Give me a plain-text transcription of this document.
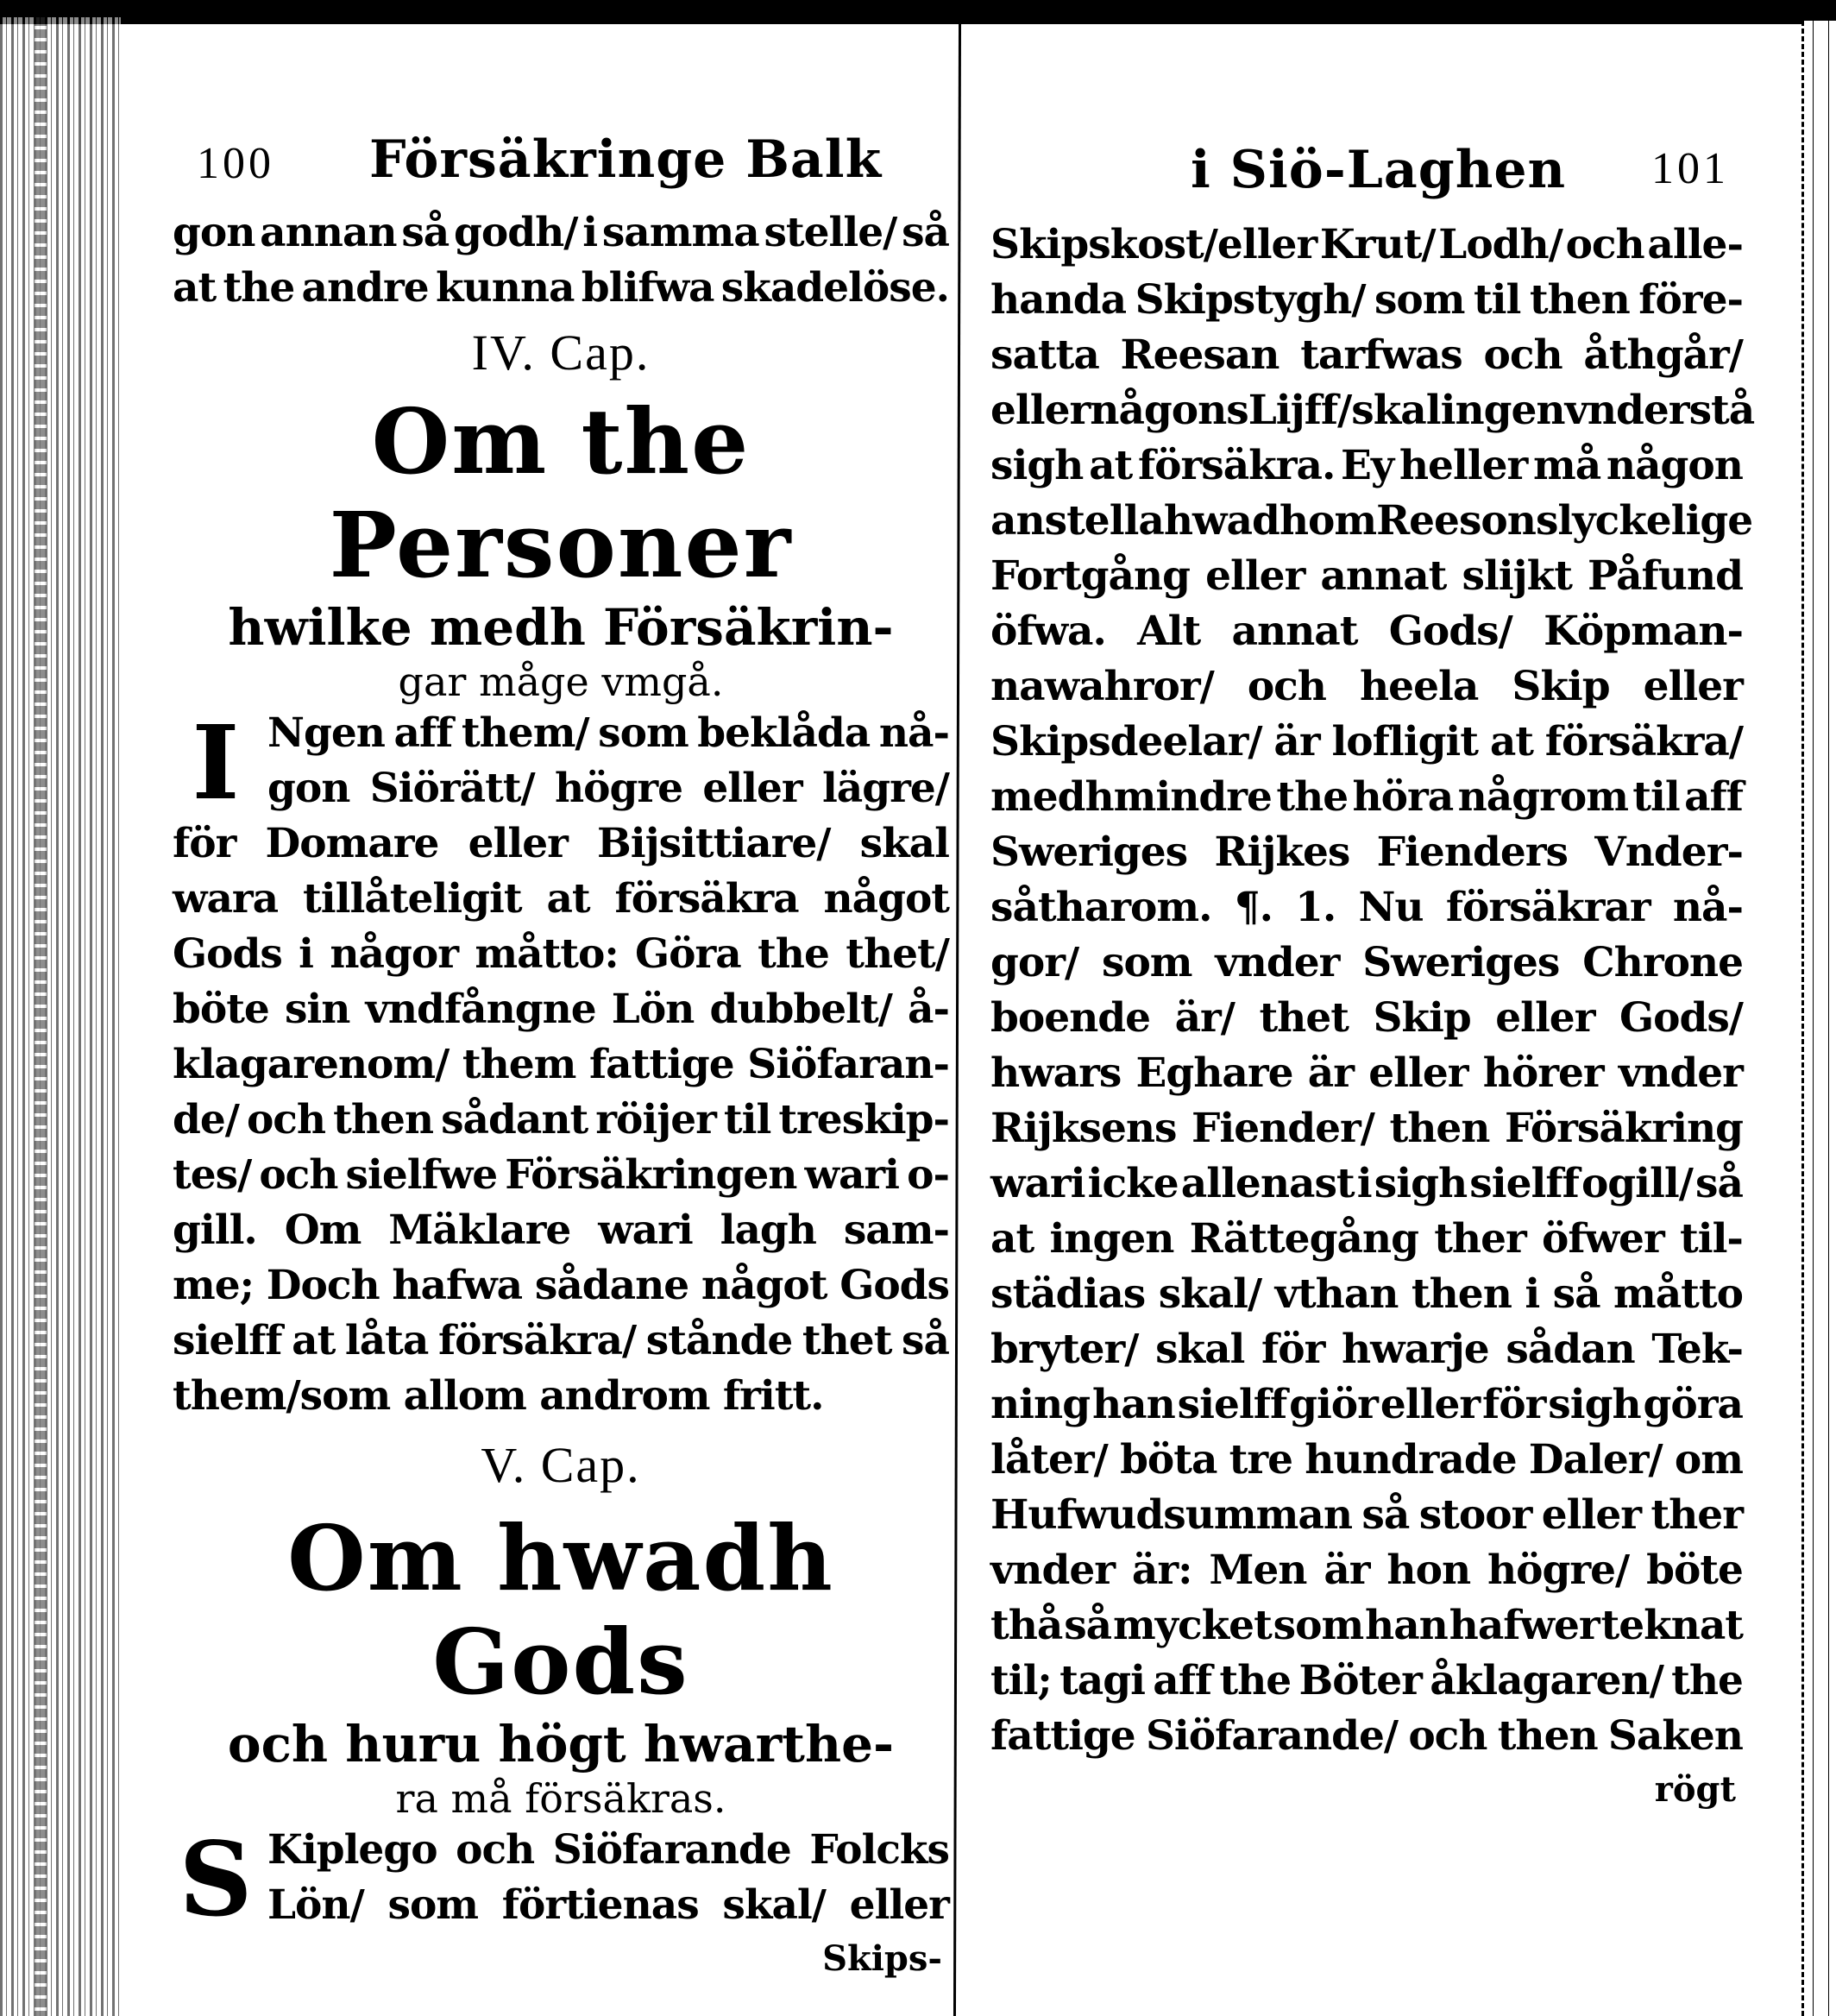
100 Försäkringe Balk
gon annan så godh/ i samma stelle/ så
at the andre kunna blifwa skadelöse.
IV. Cap.
Om the Personer
hwilke medh Försäkrin-
gar måge vmgå.
I Ngen aff them/ som beklåda nå-
gon Siörätt/ högre eller lägre/
för Domare eller Bijsittiare/ skal
wara tillåteligit at försäkra något
Gods i någor måtto: Göra the thet/
böte sin vndfångne Lön dubbelt/ å-
klagarenom/ them fattige Siöfaran-
de/ och then sådant röijer til treskip-
tes/ och sielfwe Försäkringen wari o-
gill. Om Mäklare wari lagh sam-
me; Doch hafwa sådane något Gods
sielff at låta försäkra/ stånde thet så
them/som allom androm fritt.
V. Cap.
Om hwadh Gods
och huru högt hwarthe-
ra må försäkras.
S Kiplego och Siöfarande Folcks
Lön/ som förtienas skal/ eller
Skips-
i Siö-Laghen 101
Skipskost/eller Krut/ Lodh/ och alle-
handa Skipstygh/ som til then före-
satta Reesan tarfwas och åthgår/
eller någons Lijff/skal ingen vnderstå
sigh at försäkra. Ey heller må någon
anstella hwadh om Reesons lyckelige
Fortgång eller annat slijkt Påfund
öfwa. Alt annat Gods/ Köpman-
nawahror/ och heela Skip eller
Skipsdeelar/ är lofligit at försäkra/
medhmindre the höra någrom til aff
Sweriges Rijkes Fienders Vnder-
såtharom. ¶. 1. Nu försäkrar nå-
gor/ som vnder Sweriges Chrone
boende är/ thet Skip eller Gods/
hwars Eghare är eller hörer vnder
Rijksens Fiender/ then Försäkring
wari icke allenast i sigh sielff ogill/ så
at ingen Rättegång ther öfwer til-
städias skal/ vthan then i så måtto
bryter/ skal för hwarje sådan Tek-
ning han sielff giör eller för sigh göra
låter/ böta tre hundrade Daler/ om
Hufwudsumman så stoor eller ther
vnder är: Men är hon högre/ böte
thå så mycket som han hafwer teknat
til; tagi aff the Böter åklagaren/ the
fattige Siöfarande/ och then Saken
rögt
